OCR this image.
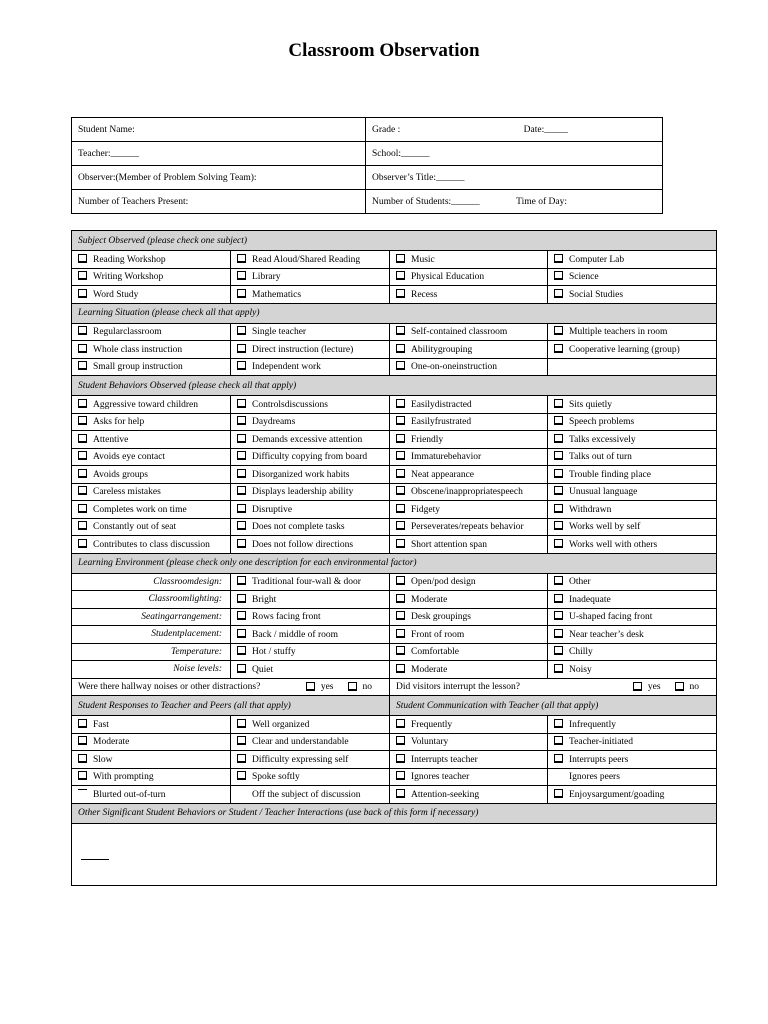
Classroom Observation
Student Name:	Grade : Date:_____

Teacher:______	School:______
Observer:(Member of Problem Solving Team):	Observer’s Title:______
Number of Teachers Present:	Number of Students:______ Time of Day:
Subject Observed (please check one subject)			
Reading Workshop	Read Aloud/Shared Reading	Music	Computer Lab
Writing Workshop	Library	Physical Education	Science
Word Study	Mathematics	Recess	Social Studies
Learning Situation (please check all that apply)			
Regularclassroom	Single teacher	Self-contained classroom	Multiple teachers in room
Whole class instruction	Direct instruction (lecture)	Abilitygrouping	Cooperative learning (group)
Small group instruction	Independent work	One-on-oneinstruction	
Student Behaviors Observed (please check all that apply)			
Aggressive toward children	Controlsdiscussions	Easilydistracted	Sits quietly
Asks for help	Daydreams	Easilyfrustrated	Speech problems
Attentive	Demands excessive attention	Friendly	Talks excessively
Avoids eye contact	Difficulty copying from board	Immaturebehavior	Talks out of turn
Avoids groups	Disorganized work habits	Neat appearance	Trouble finding place
Careless mistakes	Displays leadership ability	Obscene/inappropriatespeech	Unusual language
Completes work on time	Disruptive	Fidgety	Withdrawn
Constantly out of seat	Does not complete tasks	Perseverates/repeats behavior	Works well by self
Contributes to class discussion	Does not follow directions	Short attention span	Works well with others
Learning Environment (please check only one description for each environmental factor)			
Classroomdesign:	Traditional four-wall & door	Open/pod design	Other
Classroomlighting:	Bright	Moderate	Inadequate
Seatingarrangement:	Rows facing front	Desk groupings	U-shaped facing front
Studentplacement:	Back / middle of room	Front of room	Near teacher’s desk
Temperature:	Hot / stuffy	Comfortable	Chilly
Noise levels:	Quiet	Moderate	Noisy

Were there hallway noises or other distractions? yes no		Did visitors interrupt the lesson? yes no	

Student Responses to Teacher and Peers (all that apply)		Student Communication with Teacher (all that apply)	
Fast	Well organized	Frequently	Infrequently
Moderate	Clear and understandable	Voluntary	Teacher-initiated
Slow	Difficulty expressing self	Interrupts teacher	Interrupts peers
With prompting	Spoke softly	Ignores teacher	Ignores peers
Blurted out-of-turn	Off the subject of discussion	Attention-seeking	Enjoysargument/goading
Other Significant Student Behaviors or Student / Teacher Interactions (use back of this form if necessary)			
